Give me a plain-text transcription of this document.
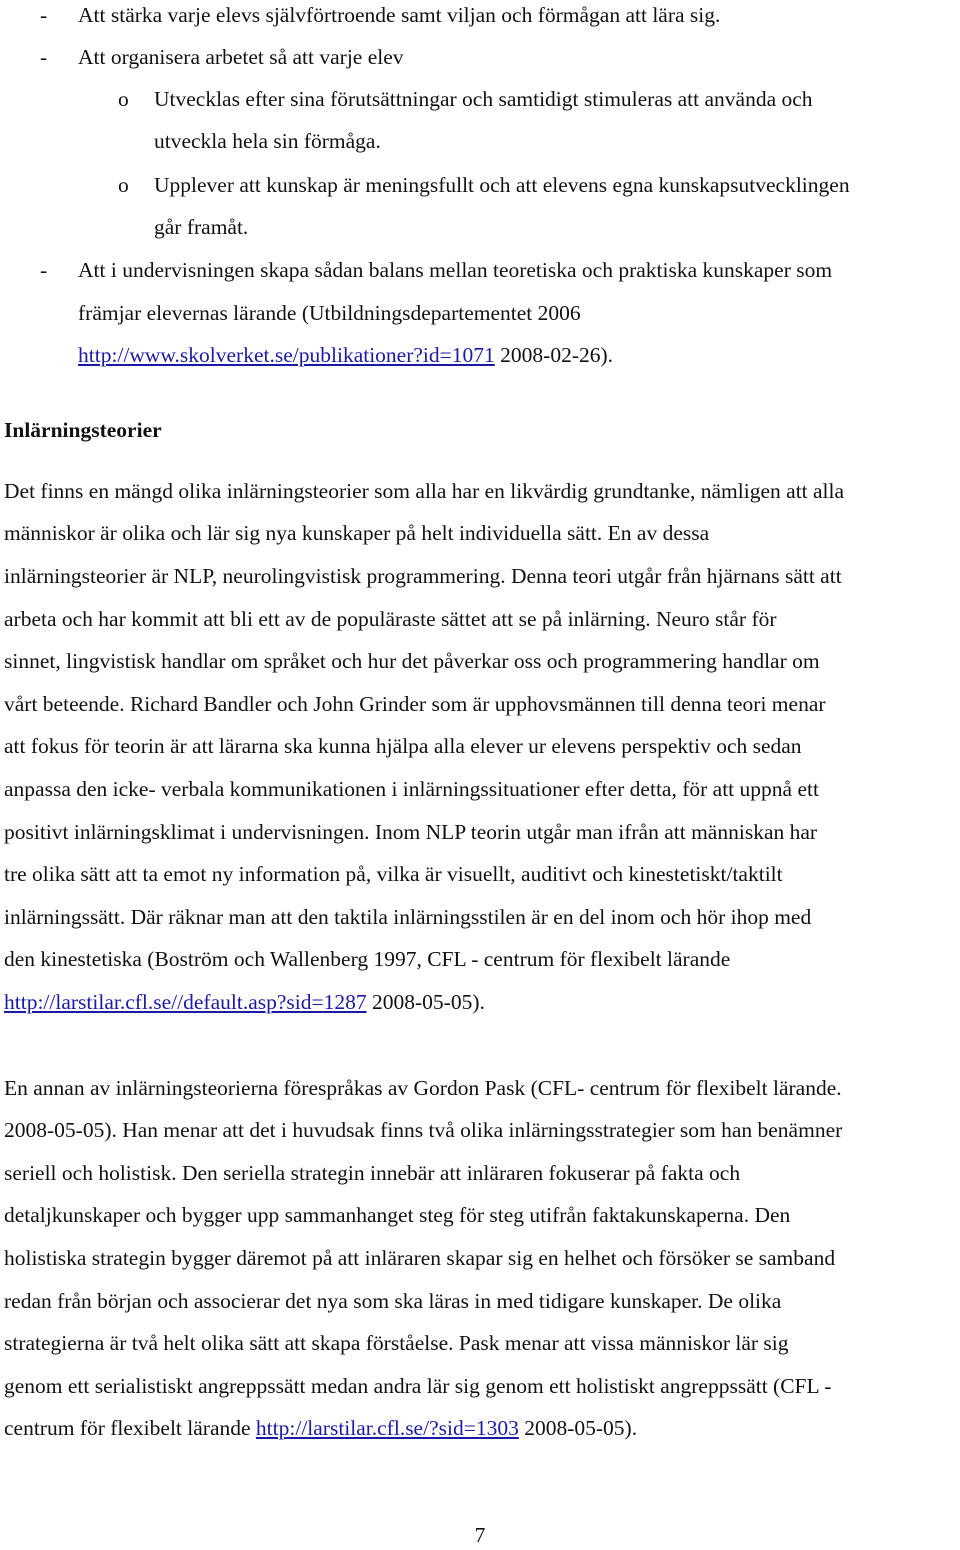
- Att stärka varje elevs självförtroende samt viljan och förmågan att lära sig.
- Att organisera arbetet så att varje elev
o Utvecklas efter sina förutsättningar och samtidigt stimuleras att använda och
utveckla hela sin förmåga.
o Upplever att kunskap är meningsfullt och att elevens egna kunskapsutvecklingen
går framåt.
- Att i undervisningen skapa sådan balans mellan teoretiska och praktiska kunskaper som
främjar elevernas lärande (Utbildningsdepartementet 2006
http://www.skolverket.se/publikationer?id=1071 2008-02-26).
Inlärningsteorier
Det finns en mängd olika inlärningsteorier som alla har en likvärdig grundtanke, nämligen att alla
människor är olika och lär sig nya kunskaper på helt individuella sätt. En av dessa
inlärningsteorier är NLP, neurolingvistisk programmering. Denna teori utgår från hjärnans sätt att
arbeta och har kommit att bli ett av de populäraste sättet att se på inlärning. Neuro står för
sinnet, lingvistisk handlar om språket och hur det påverkar oss och programmering handlar om
vårt beteende. Richard Bandler och John Grinder som är upphovsmännen till denna teori menar
att fokus för teorin är att lärarna ska kunna hjälpa alla elever ur elevens perspektiv och sedan
anpassa den icke- verbala kommunikationen i inlärningssituationer efter detta, för att uppnå ett
positivt inlärningsklimat i undervisningen. Inom NLP teorin utgår man ifrån att människan har
tre olika sätt att ta emot ny information på, vilka är visuellt, auditivt och kinestetiskt/taktilt
inlärningssätt. Där räknar man att den taktila inlärningsstilen är en del inom och hör ihop med
den kinestetiska (Boström och Wallenberg 1997, CFL - centrum för flexibelt lärande
http://larstilar.cfl.se//default.asp?sid=1287 2008-05-05).
En annan av inlärningsteorierna förespråkas av Gordon Pask (CFL- centrum för flexibelt lärande.
2008-05-05). Han menar att det i huvudsak finns två olika inlärningsstrategier som han benämner
seriell och holistisk. Den seriella strategin innebär att inläraren fokuserar på fakta och
detaljkunskaper och bygger upp sammanhanget steg för steg utifrån faktakunskaperna. Den
holistiska strategin bygger däremot på att inläraren skapar sig en helhet och försöker se samband
redan från början och associerar det nya som ska läras in med tidigare kunskaper. De olika
strategierna är två helt olika sätt att skapa förståelse. Pask menar att vissa människor lär sig
genom ett serialistiskt angreppssätt medan andra lär sig genom ett holistiskt angreppssätt (CFL -
centrum för flexibelt lärande http://larstilar.cfl.se/?sid=1303 2008-05-05).
7
